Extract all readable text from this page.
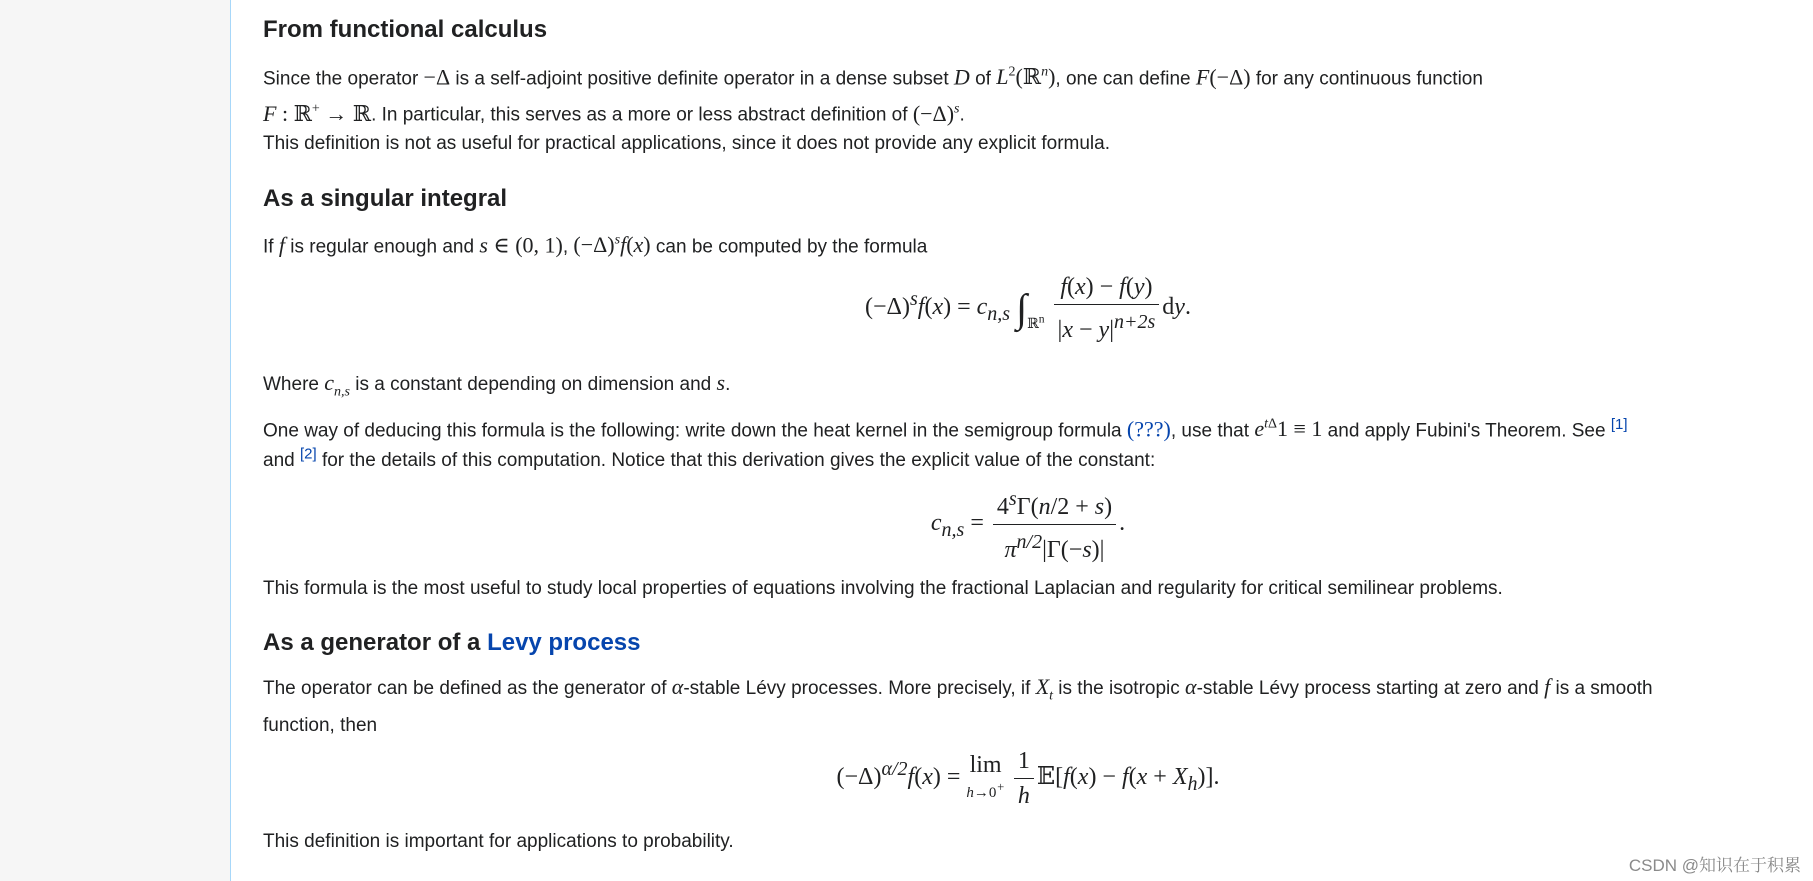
From functional calculus

Since the operator −Δ is a self-adjoint positive definite operator in a dense subset D of $L^2(ℝ^n)$, one can define F(−Δ) for any continuous function
F : ℝ+ → ℝ. In particular, this serves as a more or less abstract definition of $(-\Delta)^s$.

This definition is not as useful for practical applications, since it does not provide any explicit formula.

As a singular integral

If f is regular enough and s ∈ (0, 1), $(-\Delta)^sf(x)$ can be computed by the formula

$(-\Delta)^sf(x) = c_{n,s}$ $\int_{ℝ^n} \frac{f(x) - f(y)}{|x - y|^{n+2s}}$ dy.

Where $c_{n,s}$ is a constant depending on dimension and s.

One way of deducing this formula is the following: write down the heat kernel in the semigroup formula (???), use that $e^{t\Delta}1 \equiv 1$ and apply Fubini's Theorem. See [1]
and [2] for the details of this computation. Notice that this derivation gives the explicit value of the constant:

$c_{n,s} = \frac{4^s\Gamma(n/2 + s)}{\pi^{n/2}|\Gamma(-s)|}$ .

This formula is the most useful to study local properties of equations involving the fractional Laplacian and regularity for critical semilinear problems.

As a generator of a Levy process

The operator can be defined as the generator of α-stable Lévy processes. More precisely, if $X_t$ is the isotropic α-stable Lévy process starting at zero and f is a smooth
function, then

$(-\Delta)^{\alpha/2}f(x) = \lim$
h→0+
$\frac{1}{h}$ 𝔼[f(x) − $f(x + X_h)$].

This definition is important for applications to probability.

CSDN @知识在于积累
